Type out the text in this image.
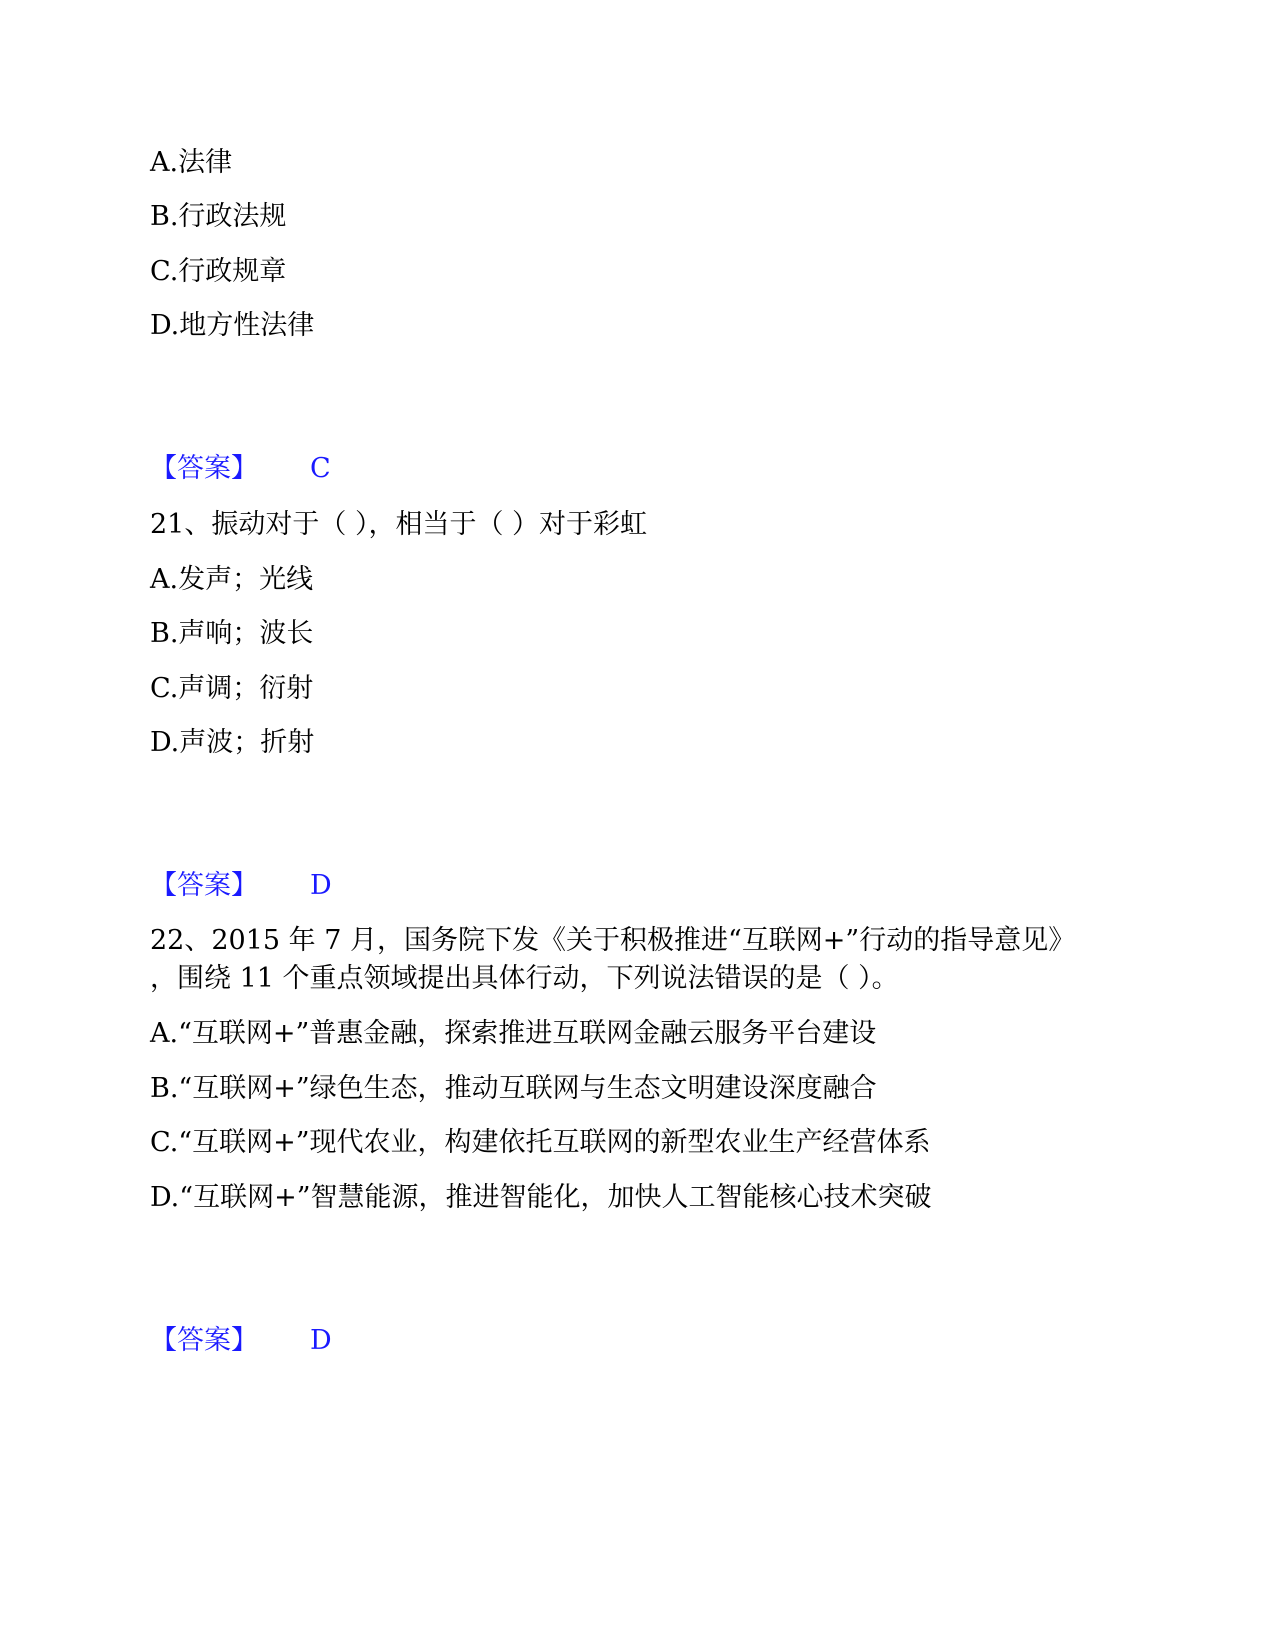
A.法律

B.行政法规

C.行政规章

D.地方性法律

【答案】 C

21、振动对于（ ），相当于（ ）对于彩虹

A.发声；光线

B.声响；波长

C.声调；衍射

D.声波；折射

【答案】 D

22、2015 年 7 月，国务院下发《关于积极推进“互联网+”行动的指导意见》

，围绕 11 个重点领域提出具体行动，下列说法错误的是（ ）。

A.“互联网+”普惠金融，探索推进互联网金融云服务平台建设

B.“互联网+”绿色生态，推动互联网与生态文明建设深度融合

C.“互联网+”现代农业，构建依托互联网的新型农业生产经营体系

D.“互联网+”智慧能源，推进智能化，加快人工智能核心技术突破

【答案】 D
